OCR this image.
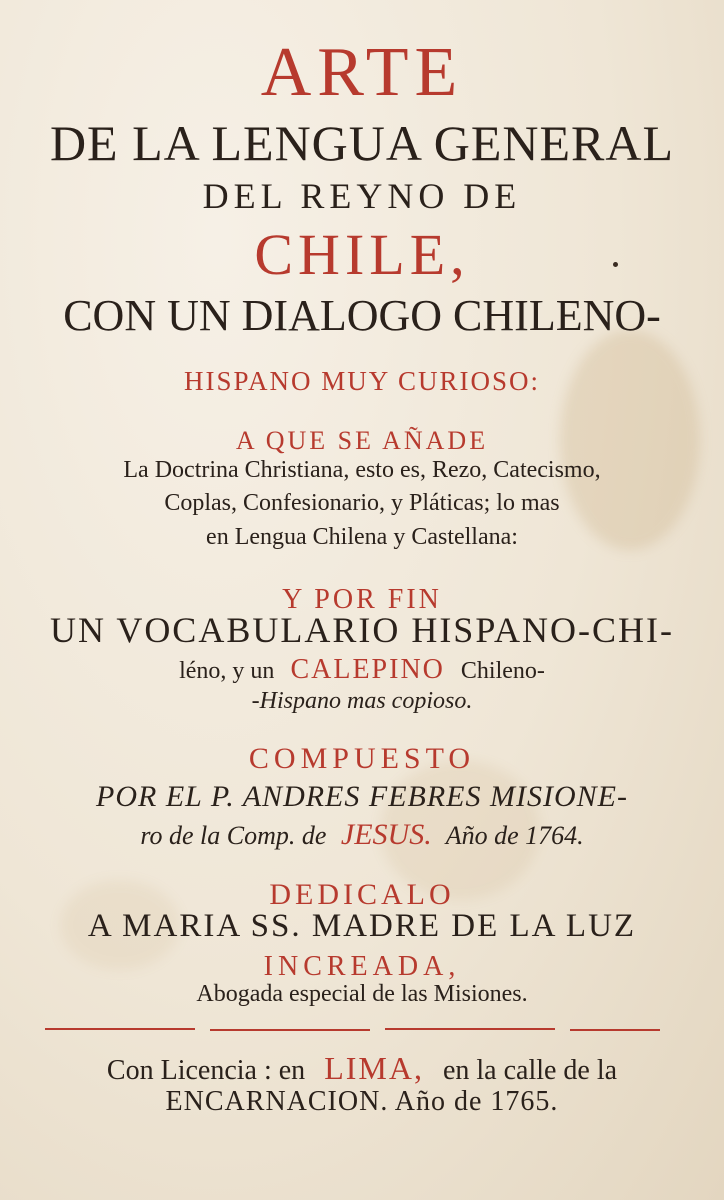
ARTE
DE LA LENGUA GENERAL
DEL REYNO DE
CHILE,
CON UN DIALOGO CHILENO-
HISPANO MUY CURIOSO:
A QUE SE AÑADE
La Doctrina Christiana, esto es, Rezo, Catecismo,
Coplas, Confesionario, y Pláticas; lo mas
en Lengua Chilena y Castellana:
Y POR FIN
UN VOCABULARIO HISPANO-CHI-
léno, y un CALEPINO Chileno-
-Hispano mas copioso.
COMPUESTO
POR EL P. ANDRES FEBRES MISIONE-
ro de la Comp. de JESUS. Año de 1764.
DEDICALO
A MARIA SS. MADRE DE LA LUZ
INCREADA,
Abogada especial de las Misiones.
Con Licencia : en LIMA, en la calle de la
ENCARNACION. Año de 1765.
